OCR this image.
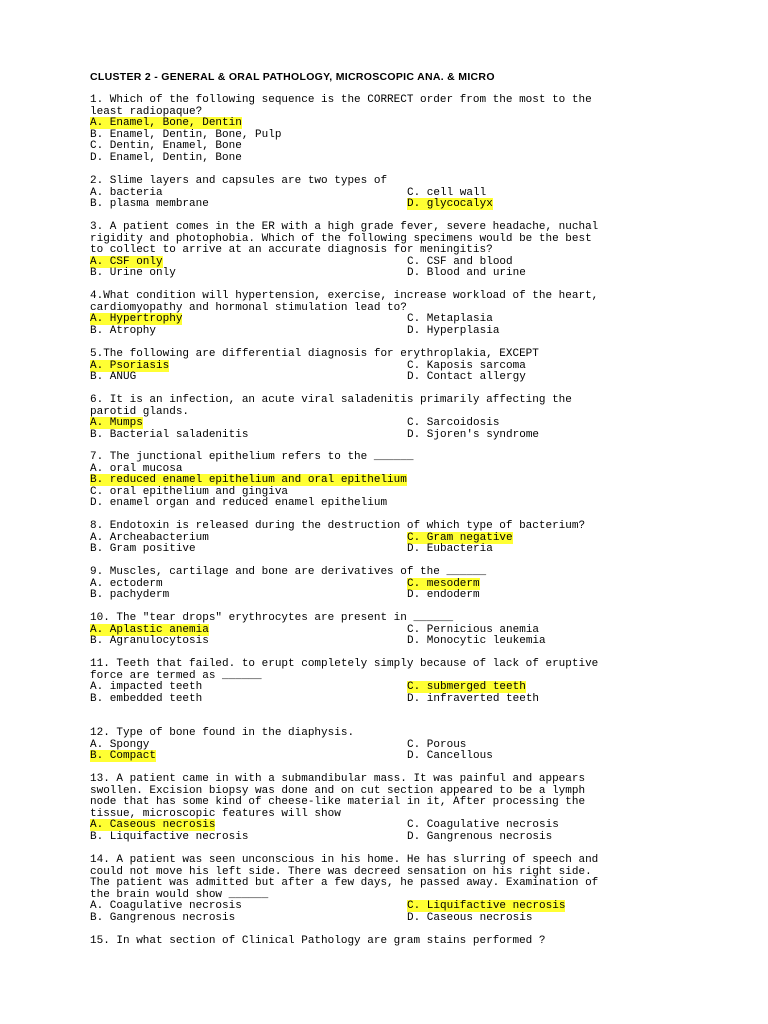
CLUSTER 2 - GENERAL & ORAL PATHOLOGY, MICROSCOPIC ANA. & MICRO
1. Which of the following sequence is the CORRECT order from the most to the
least radiopaque?
A. Enamel, Bone, Dentin
B. Enamel, Dentin, Bone, Pulp
C. Dentin, Enamel, Bone
D. Enamel, Dentin, Bone
2. Slime layers and capsules are two types of
A. bacteria	C. cell wall
B. plasma membrane	D. glycocalyx
3. A patient comes in the ER with a high grade fever, severe headache, nuchal
rigidity and photophobia. Which of the following specimens would be the best
to collect to arrive at an accurate diagnosis for meningitis?
A. CSF only	C. CSF and blood
B. Urine only	D. Blood and urine
4.What condition will hypertension, exercise, increase workload of the heart,
cardiomyopathy and hormonal stimulation lead to?
A. Hypertrophy	C. Metaplasia
B. Atrophy	D. Hyperplasia
5.The following are differential diagnosis for erythroplakia, EXCEPT
A. Psoriasis	C. Kaposis sarcoma
B. ANUG	D. Contact allergy
6. It is an infection, an acute viral saladenitis primarily affecting the
parotid glands.
A. Mumps	C. Sarcoidosis
B. Bacterial saladenitis	D. Sjoren's syndrome
7. The junctional epithelium refers to the ______
A. oral mucosa
B. reduced enamel epithelium and oral epithelium
C. oral epithelium and gingiva
D. enamel organ and reduced enamel epithelium
8. Endotoxin is released during the destruction of which type of bacterium?
A. Archeabacterium	C. Gram negative
B. Gram positive	D. Eubacteria
9. Muscles, cartilage and bone are derivatives of the ______
A. ectoderm	C. mesoderm
B. pachyderm	D. endoderm
10. The "tear drops" erythrocytes are present in ______
A. Aplastic anemia	C. Pernicious anemia
B. Agranulocytosis	D. Monocytic leukemia
11. Teeth that failed. to erupt completely simply because of lack of eruptive
force are termed as ______
A. impacted teeth	C. submerged teeth
B. embedded teeth	D. infraverted teeth
12. Type of bone found in the diaphysis.
A. Spongy	C. Porous
B. Compact	D. Cancellous
13. A patient came in with a submandibular mass. It was painful and appears
swollen. Excision biopsy was done and on cut section appeared to be a lymph
node that has some kind of cheese-like material in it, After processing the
tissue, microscopic features will show
A. Caseous necrosis	C. Coagulative necrosis
B. Liquifactive necrosis	D. Gangrenous necrosis
14. A patient was seen unconscious in his home. He has slurring of speech and
could not move his left side. There was decreed sensation on his right side.
The patient was admitted but after a few days, he passed away. Examination of
the brain would show ______
A. Coagulative necrosis	C. Liquifactive necrosis
B. Gangrenous necrosis	D. Caseous necrosis
15. In what section of Clinical Pathology are gram stains performed ?
